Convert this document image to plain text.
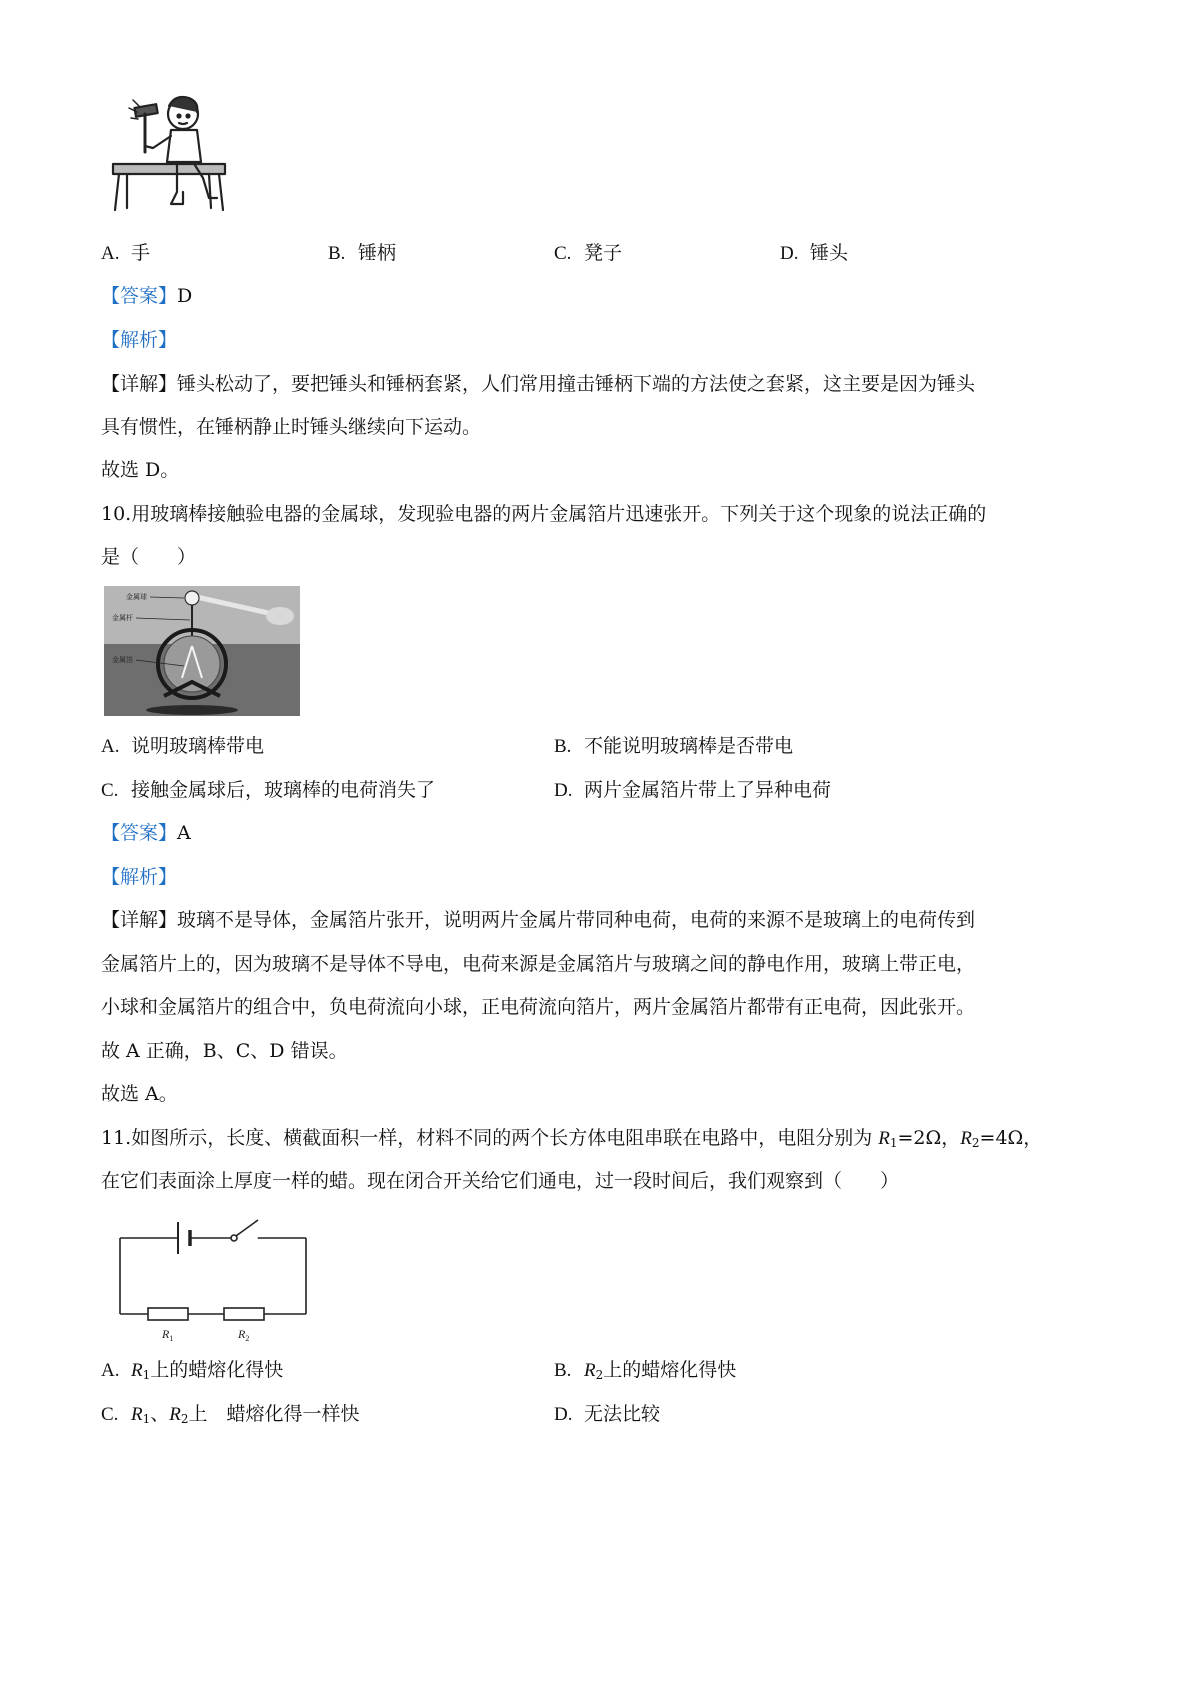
A. 手	B. 锤柄	C. 凳子	D. 锤头
【答案】D
【解析】
【详解】锤头松动了，要把锤头和锤柄套紧，人们常用撞击锤柄下端的方法使之套紧，这主要是因为锤头
具有惯性，在锤柄静止时锤头继续向下运动。
故选 D。
10.用玻璃棒接触验电器的金属球，发现验电器的两片金属箔片迅速张开。下列关于这个现象的说法正确的
是（　　）
金属球
金属杆
金属箔
A. 说明玻璃棒带电	B. 不能说明玻璃棒是否带电
C. 接触金属球后，玻璃棒的电荷消失了	D. 两片金属箔片带上了异种电荷
【答案】A
【解析】
【详解】玻璃不是导体，金属箔片张开，说明两片金属片带同种电荷，电荷的来源不是玻璃上的电荷传到
金属箔片上的，因为玻璃不是导体不导电，电荷来源是金属箔片与玻璃之间的静电作用，玻璃上带正电，
小球和金属箔片的组合中，负电荷流向小球，正电荷流向箔片，两片金属箔片都带有正电荷，因此张开。
故 A 正确，B、C、D 错误。
故选 A。
11.如图所示，长度、横截面积一样，材料不同的两个长方体电阻串联在电路中，电阻分别为 $R_1=2\Omega$，$R_2=4\Omega$，
在它们表面涂上厚度一样的蜡。现在闭合开关给它们通电，过一段时间后，我们观察到（　　）
$R_1$	$R_2$
A. $R_1$上的蜡熔化得快	B. $R_2$上的蜡熔化得快
C. $R_1$、$R_2$上　蜡熔化得一样快	D. 无法比较
